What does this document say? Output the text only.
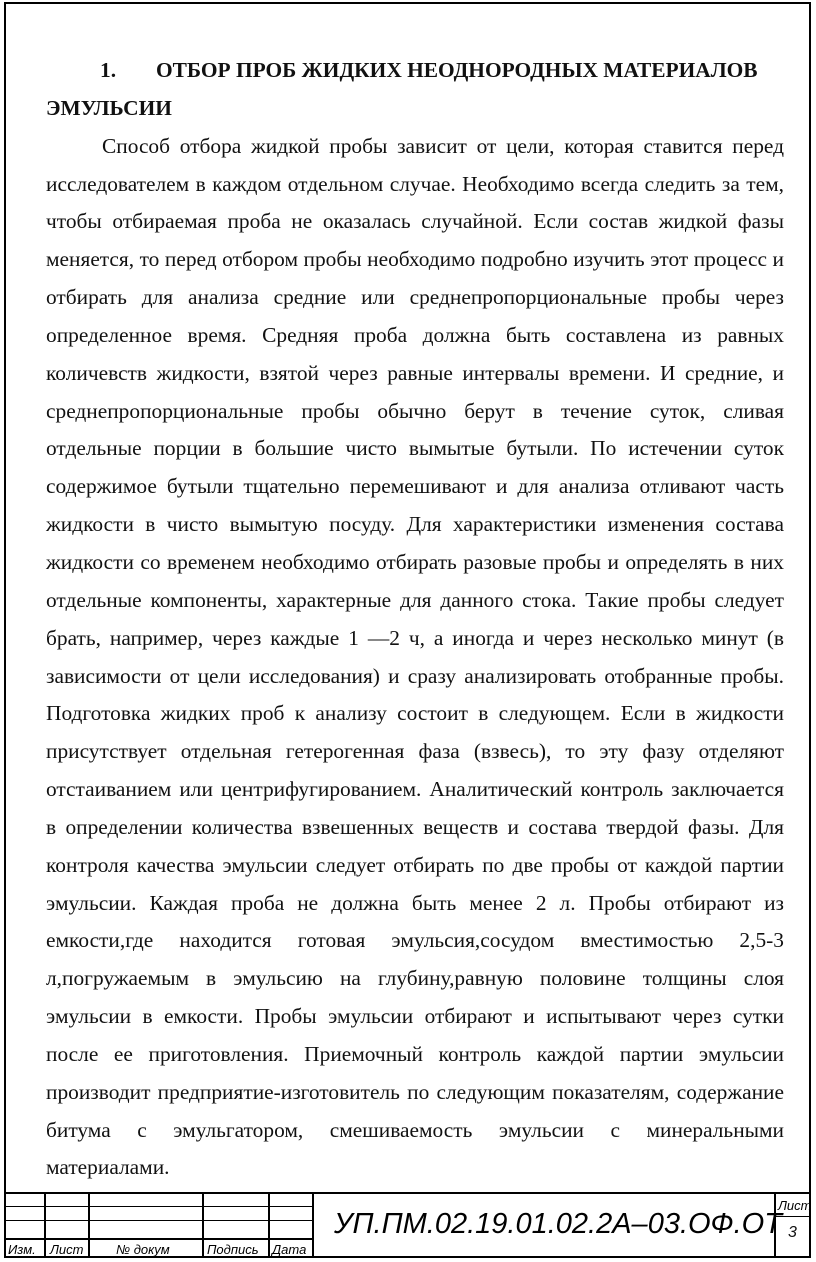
1. ОТБОР ПРОБ ЖИДКИХ НЕОДНОРОДНЫХ МАТЕРИАЛОВ
ЭМУЛЬСИИ

Способ отбора жидкой пробы зависит от цели, которая ставится перед исследователем в каждом отдельном случае. Необходимо всегда следить за тем, чтобы отбираемая проба не оказалась случайной. Если состав жидкой фазы меняется, то перед отбором пробы необходимо подробно изучить этот процесс и отбирать для анализа средние или среднепропорциональные пробы через определенное время. Средняя проба должна быть составлена из равных количевств жидкости, взятой через равные интервалы времени. И средние, и среднепропорциональные пробы обычно берут в течение суток, сливая отдельные порции в большие чисто вымытые бутыли. По истечении суток содержимое бутыли тщательно перемешивают и для анализа отливают часть жидкости в чисто вымытую посуду. Для характеристики изменения состава жидкости со временем необходимо отбирать разовые пробы и определять в них отдельные компоненты, характерные для данного стока. Такие пробы следует брать, например, через каждые 1 —2 ч, а иногда и через несколько минут (в зависимости от цели исследования) и сразу анализировать отобранные пробы. Подготовка жидких проб к анализу состоит в следующем. Если в жидкости присутствует отдельная гетерогенная фаза (взвесь), то эту фазу отделяют отстаиванием или центрифугированием. Аналитический контроль заключается в определении количества взвешенных веществ и состава твердой фазы. Для контроля качества эмульсии следует отбирать по две пробы от каждой партии эмульсии. Каждая проба не должна быть менее 2 л. Пробы отбирают из емкости,где находится готовая эмульсия,сосудом вместимостью 2,5-3 л,погружаемым в эмульсию на глубину,равную половине толщины слоя эмульсии в емкости. Пробы эмульсии отбирают и испытывают через сутки после ее приготовления. Приемочный контроль каждой партии эмульсии производит предприятие-изготовитель по следующим показателям, содержание битума с эмульгатором, смешиваемость эмульсии с минеральными материалами.

Изм. Лист	№ докум	Подпись Дата
УП.ПМ.02.19.01.02.2А–03.ОФ.ОТ
Лист
3
